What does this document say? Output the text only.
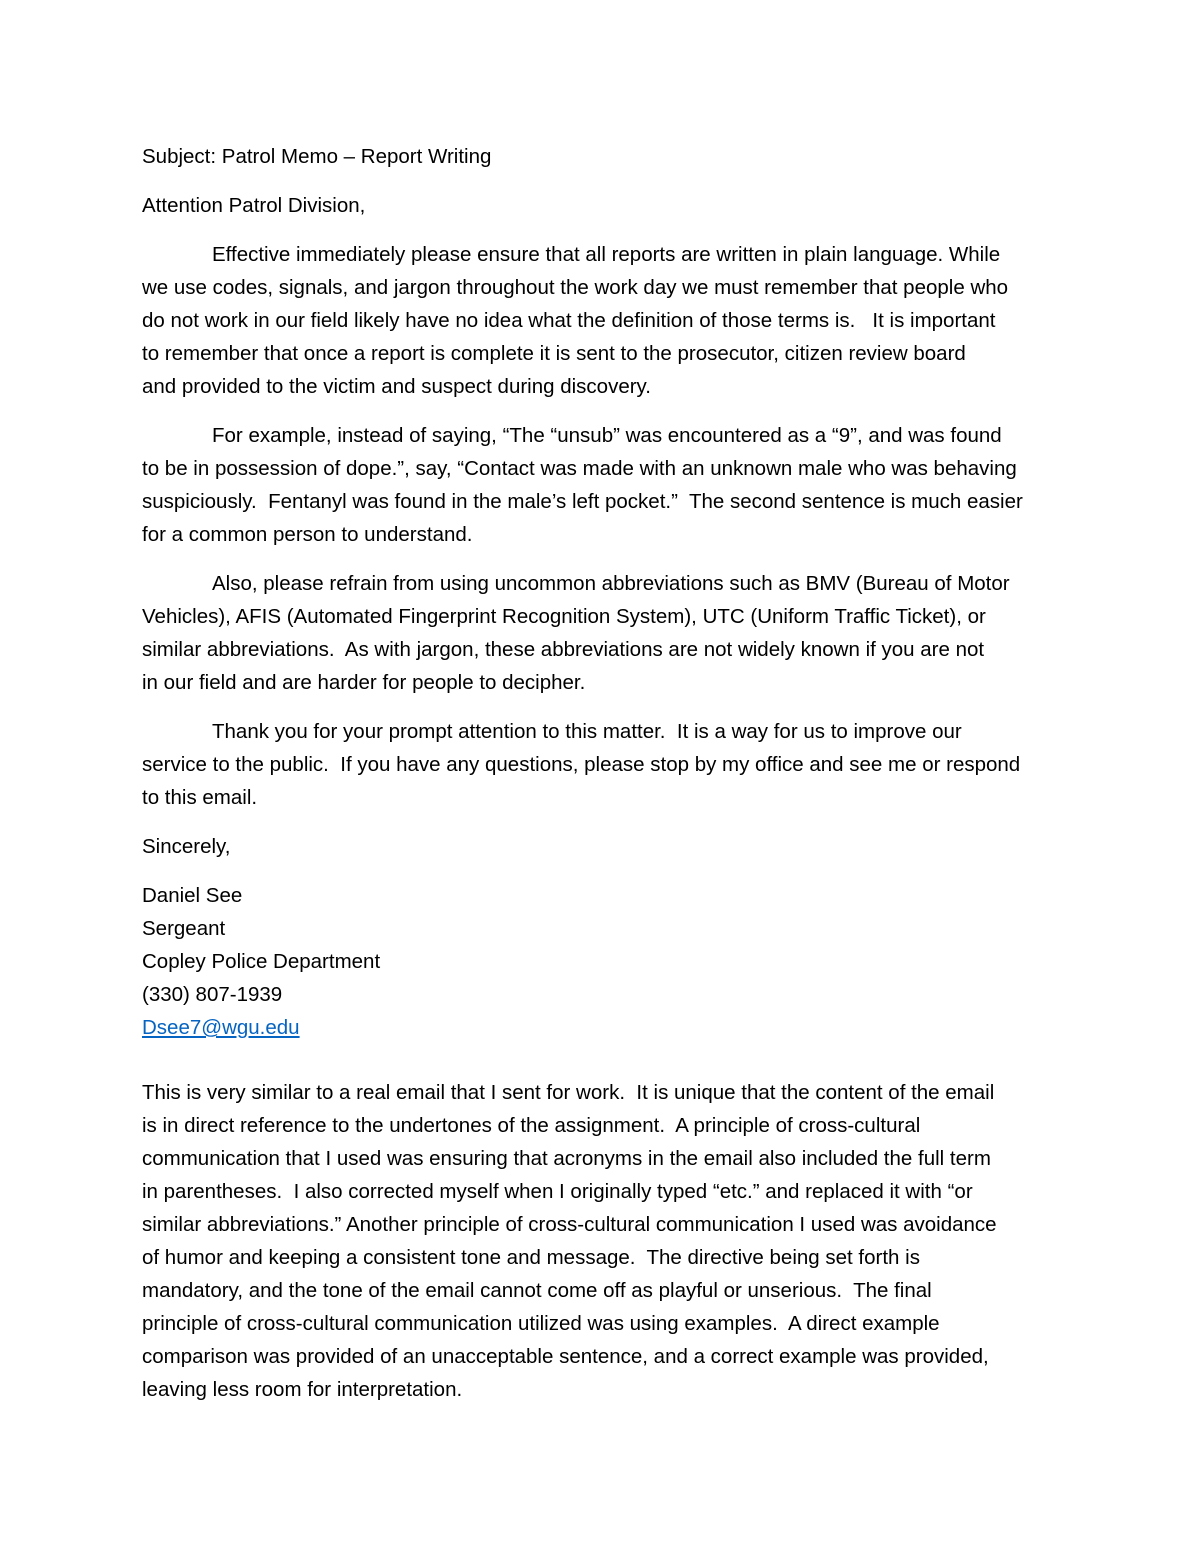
Subject: Patrol Memo – Report Writing
Attention Patrol Division,
Effective immediately please ensure that all reports are written in plain language. While
we use codes, signals, and jargon throughout the work day we must remember that people who
do not work in our field likely have no idea what the definition of those terms is.   It is important
to remember that once a report is complete it is sent to the prosecutor, citizen review board
and provided to the victim and suspect during discovery.
For example, instead of saying, “The “unsub” was encountered as a “9”, and was found
to be in possession of dope.”, say, “Contact was made with an unknown male who was behaving
suspiciously.  Fentanyl was found in the male’s left pocket.”  The second sentence is much easier
for a common person to understand.
Also, please refrain from using uncommon abbreviations such as BMV (Bureau of Motor
Vehicles), AFIS (Automated Fingerprint Recognition System), UTC (Uniform Traffic Ticket), or
similar abbreviations.  As with jargon, these abbreviations are not widely known if you are not
in our field and are harder for people to decipher.
Thank you for your prompt attention to this matter.  It is a way for us to improve our
service to the public.  If you have any questions, please stop by my office and see me or respond
to this email.
Sincerely,
Daniel See
Sergeant
Copley Police Department
(330) 807-1939
Dsee7@wgu.edu
This is very similar to a real email that I sent for work.  It is unique that the content of the email
is in direct reference to the undertones of the assignment.  A principle of cross-cultural
communication that I used was ensuring that acronyms in the email also included the full term
in parentheses.  I also corrected myself when I originally typed “etc.” and replaced it with “or
similar abbreviations.” Another principle of cross-cultural communication I used was avoidance
of humor and keeping a consistent tone and message.  The directive being set forth is
mandatory, and the tone of the email cannot come off as playful or unserious.  The final
principle of cross-cultural communication utilized was using examples.  A direct example
comparison was provided of an unacceptable sentence, and a correct example was provided,
leaving less room for interpretation.
